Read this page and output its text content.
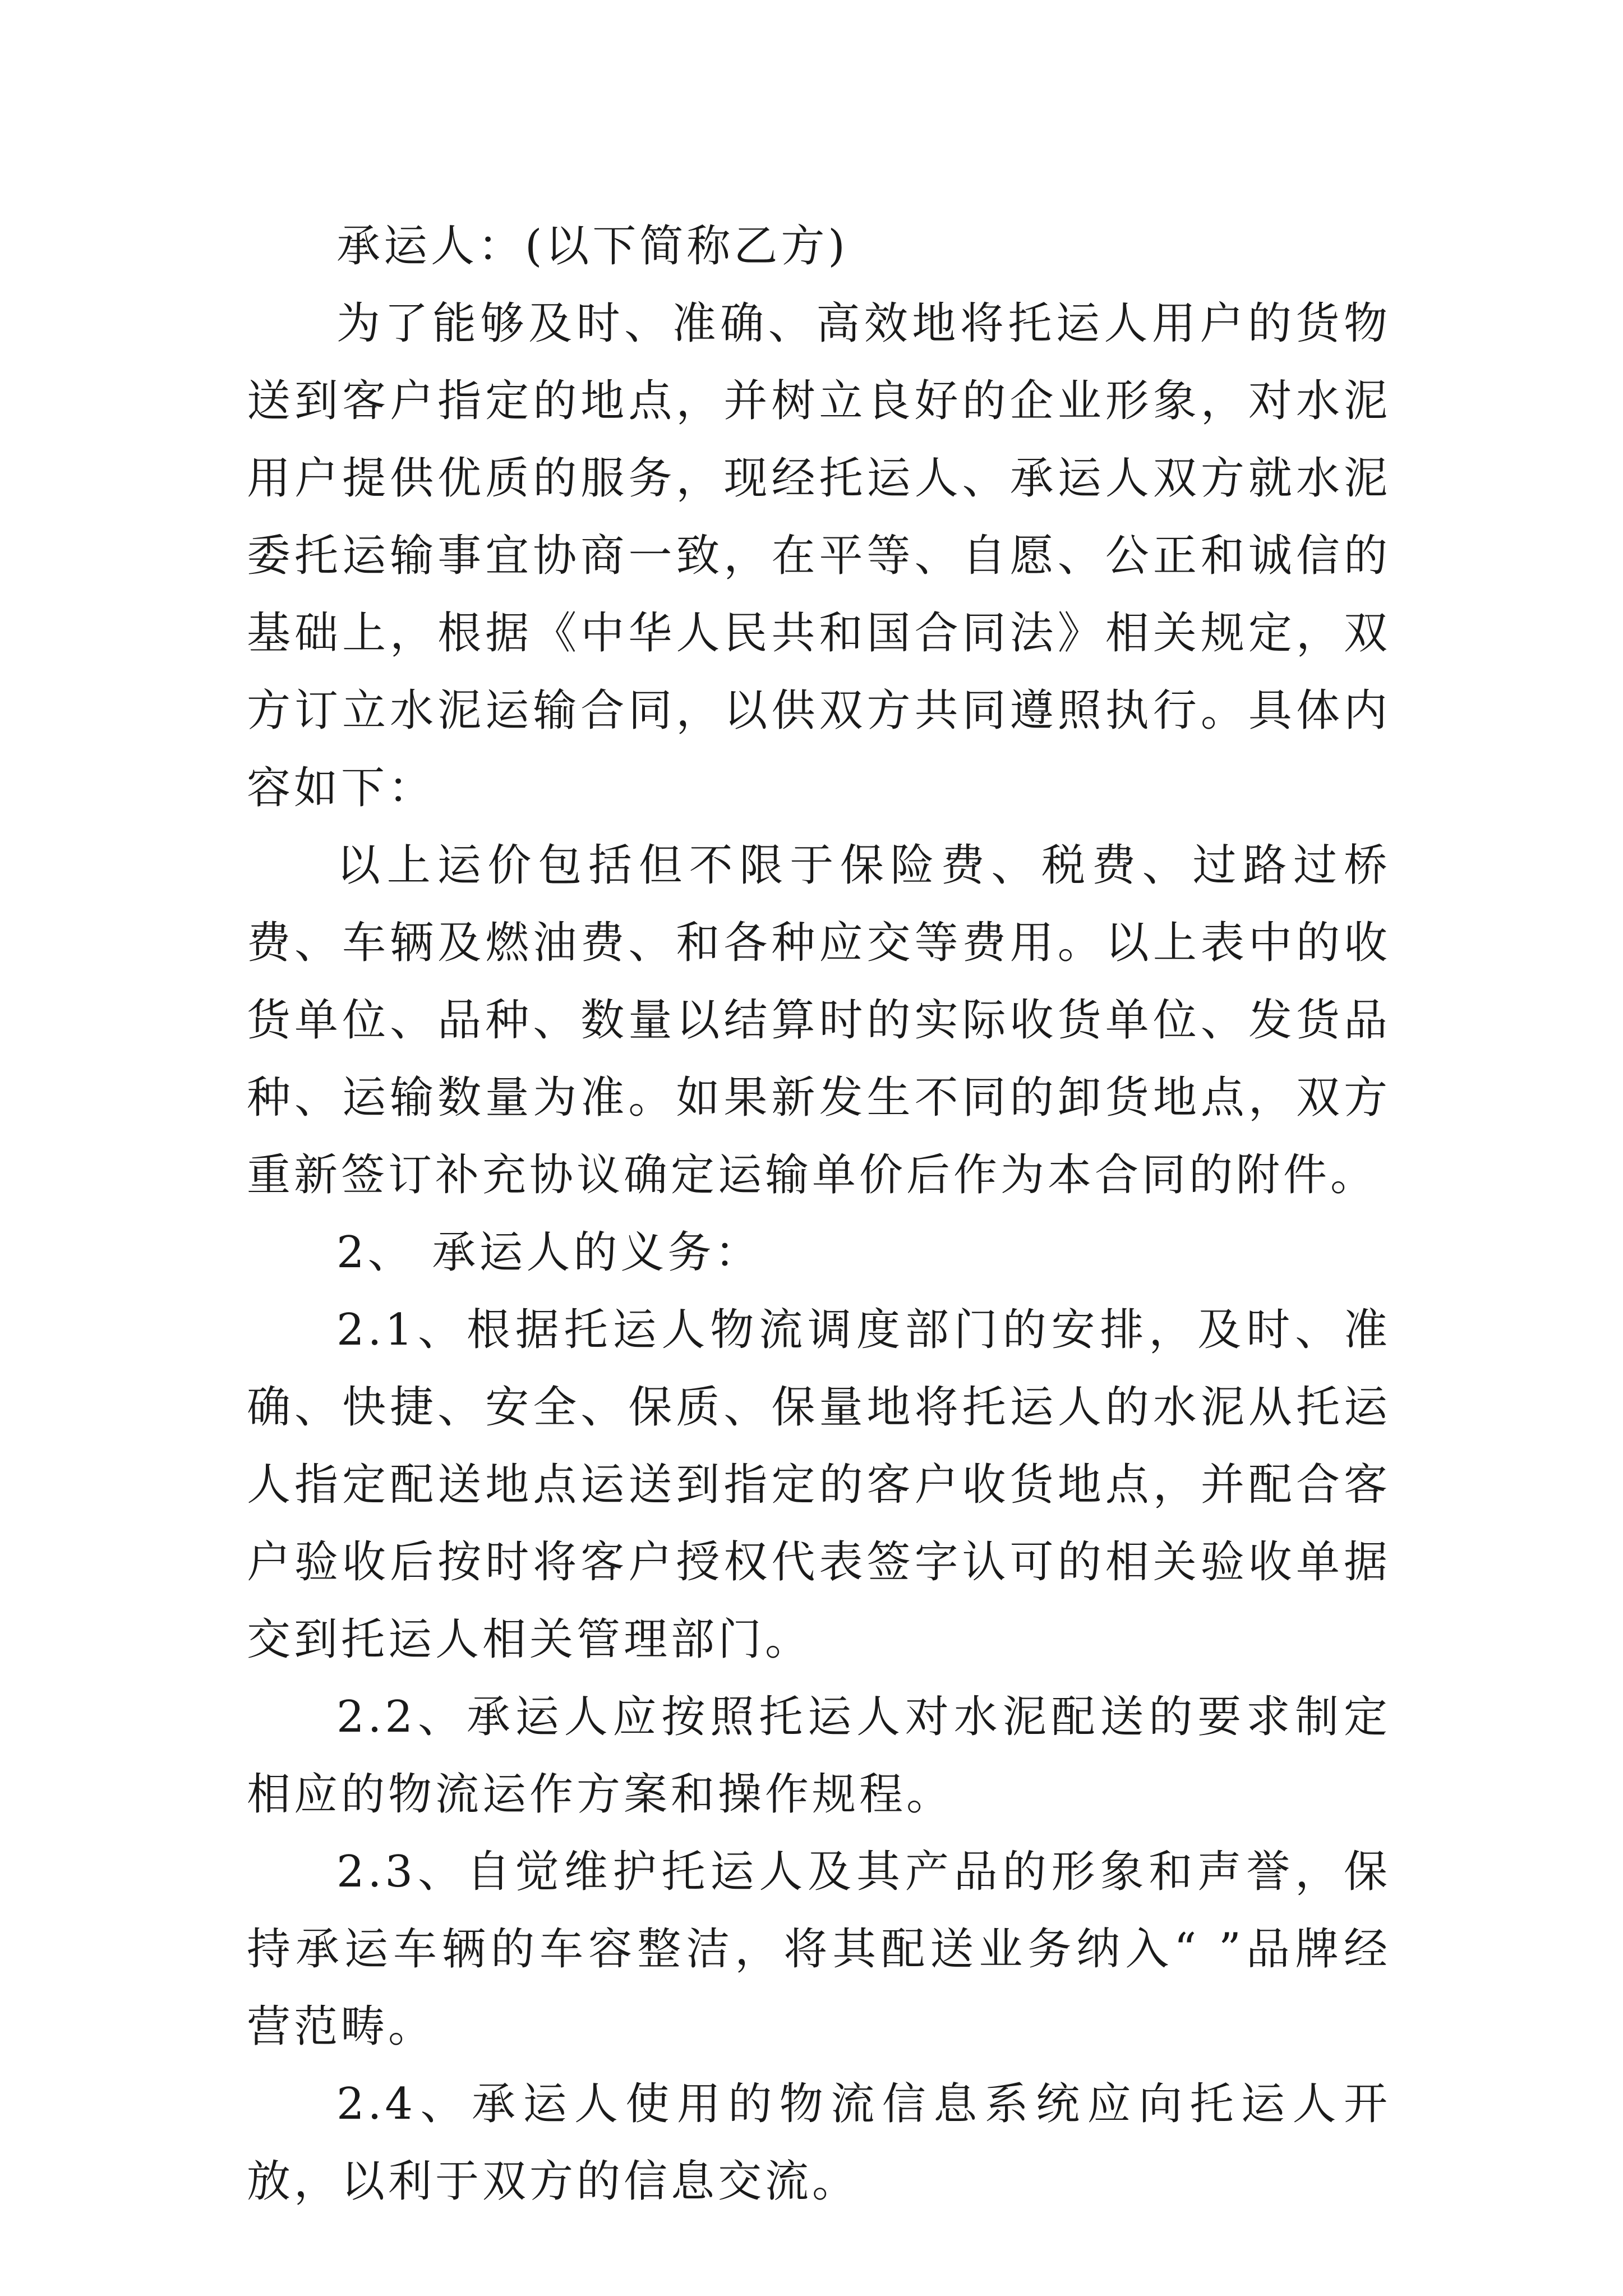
承运人：(以下简称乙方)

为了能够及时、准确、高效地将托运人用户的货物送到客户指定的地点，并树立良好的企业形象，对水泥用户提供优质的服务，现经托运人、承运人双方就水泥委托运输事宜协商一致，在平等、自愿、公正和诚信的基础上，根据《中华人民共和国合同法》相关规定，双方订立水泥运输合同，以供双方共同遵照执行。具体内容如下：

以上运价包括但不限于保险费、税费、过路过桥费、车辆及燃油费、和各种应交等费用。以上表中的收货单位、品种、数量以结算时的实际收货单位、发货品种、运输数量为准。如果新发生不同的卸货地点，双方重新签订补充协议确定运输单价后作为本合同的附件。

2、 承运人的义务：

2.1、根据托运人物流调度部门的安排，及时、准确、快捷、安全、保质、保量地将托运人的水泥从托运人指定配送地点运送到指定的客户收货地点，并配合客户验收后按时将客户授权代表签字认可的相关验收单据交到托运人相关管理部门。

2.2、承运人应按照托运人对水泥配送的要求制定相应的物流运作方案和操作规程。

2.3、自觉维护托运人及其产品的形象和声誉，保持承运车辆的车容整洁，将其配送业务纳入“ ”品牌经营范畴。

2.4、承运人使用的物流信息系统应向托运人开放，以利于双方的信息交流。
